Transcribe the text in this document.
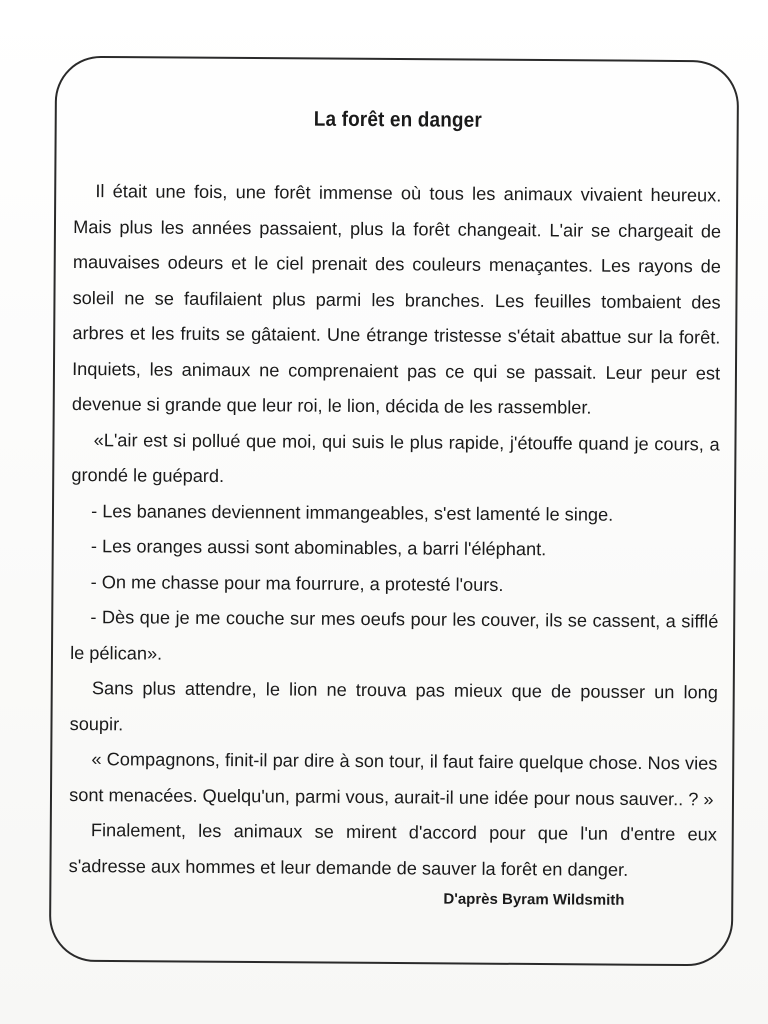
La forêt en danger

Il était une fois, une forêt immense où tous les animaux vivaient heureux. Mais plus les années passaient, plus la forêt changeait. L'air se chargeait de mauvaises odeurs et le ciel prenait des couleurs menaçantes. Les rayons de soleil ne se faufilaient plus parmi les branches. Les feuilles tombaient des arbres et les fruits se gâtaient. Une étrange tristesse s'était abattue sur la forêt. Inquiets, les animaux ne comprenaient pas ce qui se passait. Leur peur est devenue si grande que leur roi, le lion, décida de les rassembler.

«L'air est si pollué que moi, qui suis le plus rapide, j'étouffe quand je cours, a grondé le guépard.

- Les bananes deviennent immangeables, s'est lamenté le singe.

- Les oranges aussi sont abominables, a barri l'éléphant.

- On me chasse pour ma fourrure, a protesté l'ours.

- Dès que je me couche sur mes oeufs pour les couver, ils se cassent, a sifflé le pélican».

Sans plus attendre, le lion ne trouva pas mieux que de pousser un long soupir.

« Compagnons, finit-il par dire à son tour, il faut faire quelque chose. Nos vies sont menacées. Quelqu'un, parmi vous, aurait-il une idée pour nous sauver.. ? »

Finalement, les animaux se mirent d'accord pour que l'un d'entre eux s'adresse aux hommes et leur demande de sauver la forêt en danger.

D'après Byram Wildsmith
